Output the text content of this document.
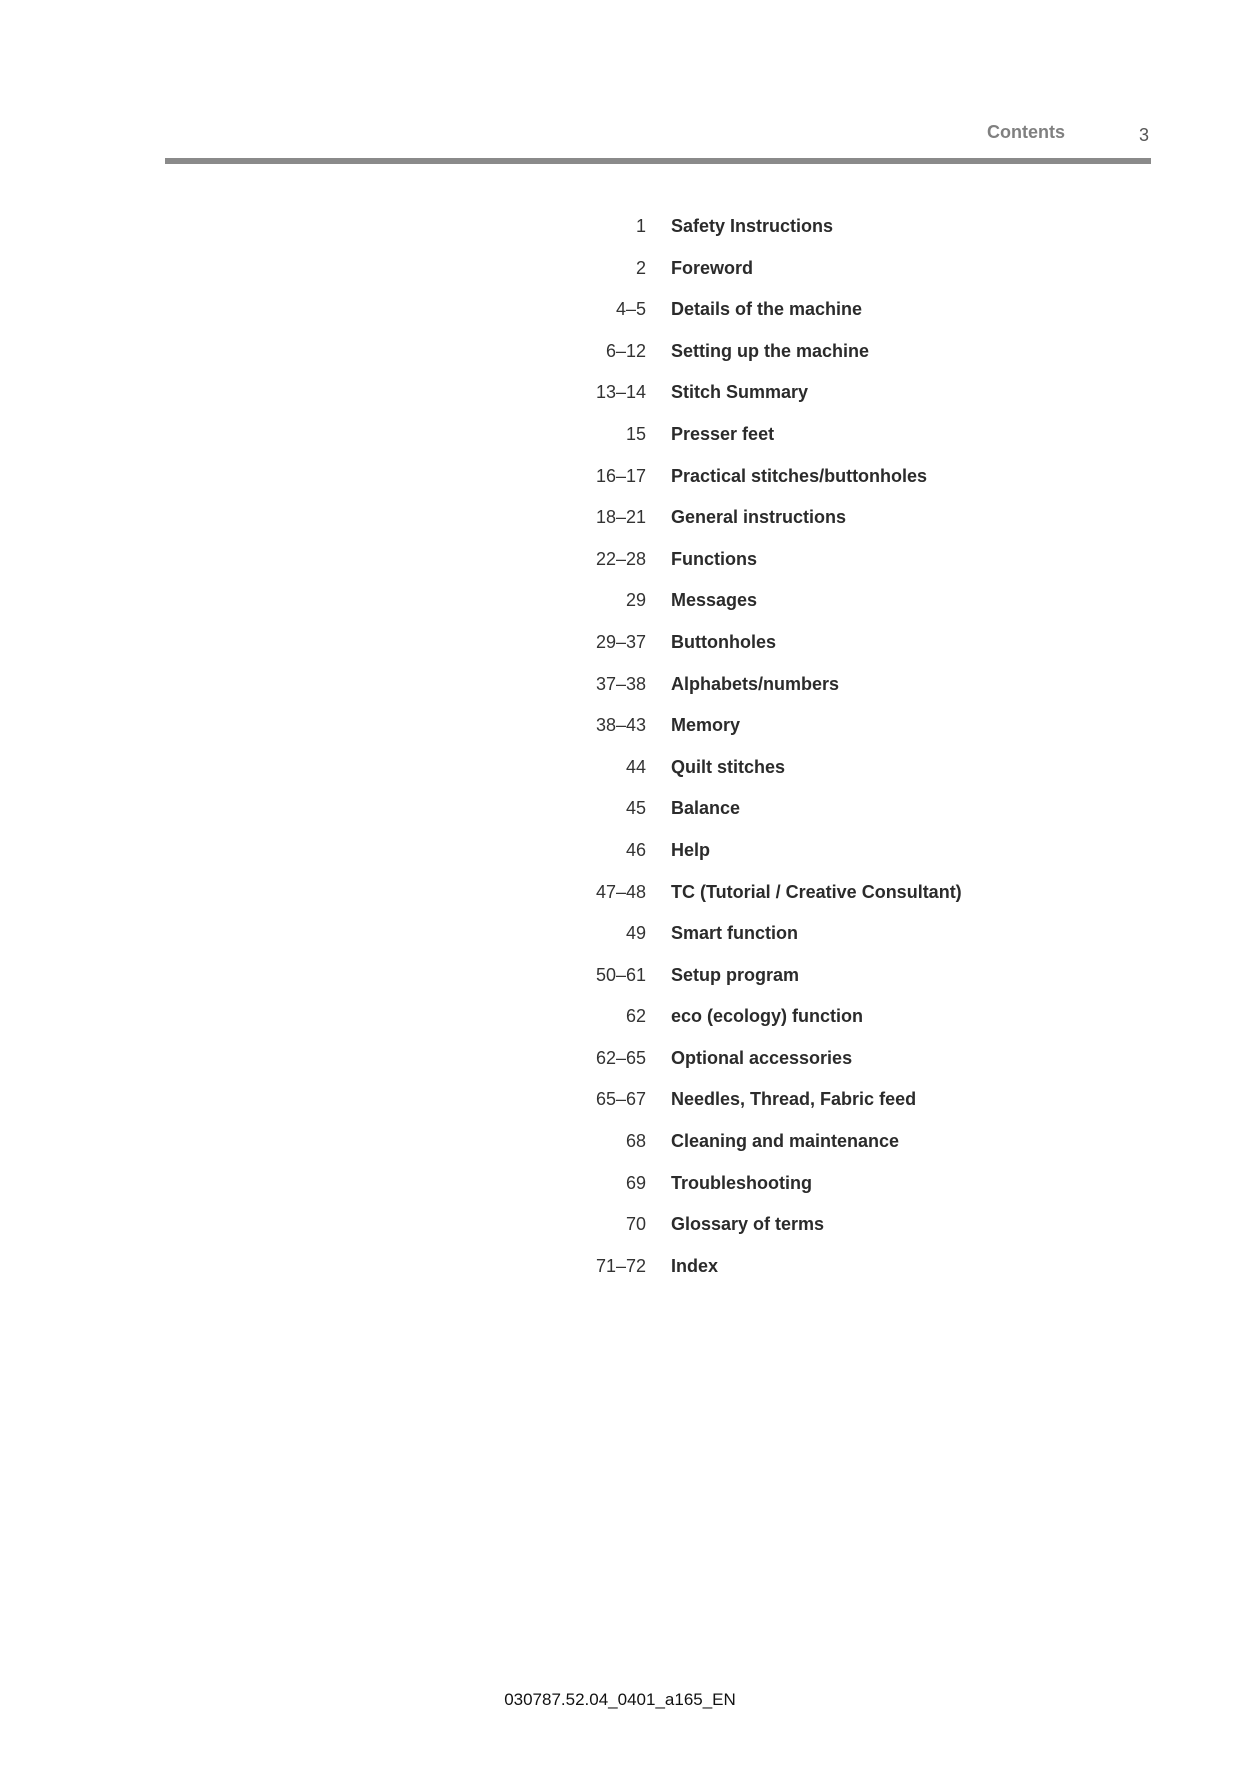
Contents	3
1 Safety Instructions
2 Foreword
4–5 Details of the machine
6–12 Setting up the machine
13–14 Stitch Summary
15 Presser feet
16–17 Practical stitches/buttonholes
18–21 General instructions
22–28 Functions
29 Messages
29–37 Buttonholes
37–38 Alphabets/numbers
38–43 Memory
44 Quilt stitches
45 Balance
46 Help
47–48 TC (Tutorial / Creative Consultant)
49 Smart function
50–61 Setup program
62 eco (ecology) function
62–65 Optional accessories
65–67 Needles, Thread, Fabric feed
68 Cleaning and maintenance
69 Troubleshooting
70 Glossary of terms
71–72 Index
030787.52.04_0401_a165_EN
